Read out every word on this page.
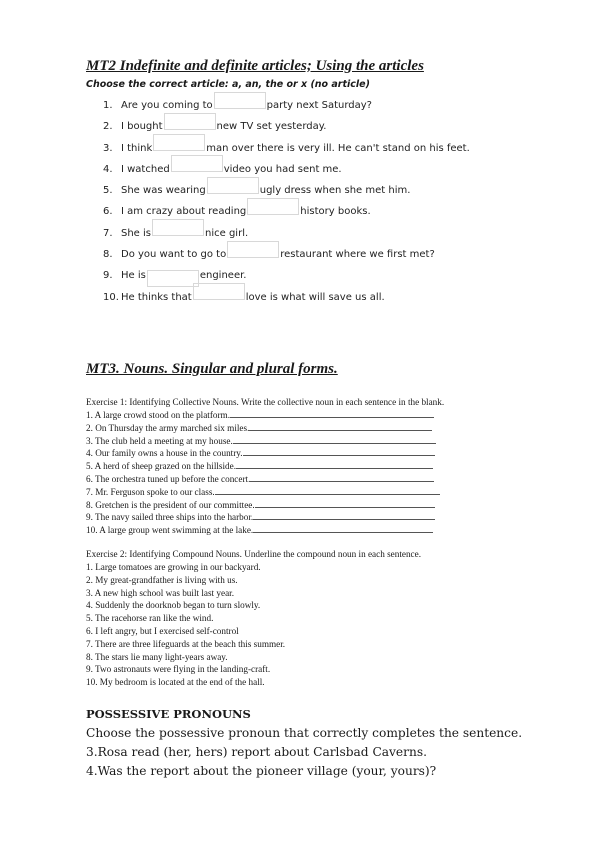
MT2 Indefinite and definite articles; Using the articles
Choose the correct article: a, an, the or x (no article)
1. Are you coming to	party next Saturday?
2. I bought	new TV set yesterday.
3. I think	man over there is very ill. He can't stand on his feet.
4. I watched	video you had sent me.
5. She was wearing	ugly dress when she met him.
6. I am crazy about reading	history books.
7. She is	nice girl.
8. Do you want to go to	restaurant where we first met?
9. He is	engineer.
10. He thinks that	love is what will save us all.
MT3. Nouns. Singular and plural forms.
Exercise 1: Identifying Collective Nouns. Write the collective noun in each sentence in the blank.
1. A large crowd stood on the platform.
2. On Thursday the army marched six miles.
3. The club held a meeting at my house.
4. Our family owns a house in the country.
5. A herd of sheep grazed on the hillside.
6. The orchestra tuned up before the concert.
7. Mr. Ferguson spoke to our class.
8. Gretchen is the president of our committee.
9. The navy sailed three ships into the harbor.
10. A large group went swimming at the lake.
Exercise 2: Identifying Compound Nouns. Underline the compound noun in each sentence.
1. Large tomatoes are growing in our backyard.
2. My great-grandfather is living with us.
3. A new high school was built last year.
4. Suddenly the doorknob began to turn slowly.
5. The racehorse ran like the wind.
6. I left angry, but I exercised self-control
7. There are three lifeguards at the beach this summer.
8. The stars lie many light-years away.
9. Two astronauts were flying in the landing-craft.
10. My bedroom is located at the end of the hall.
POSSESSIVE PRONOUNS
Choose the possessive pronoun that correctly completes the sentence.
3.Rosa read (her, hers) report about Carlsbad Caverns.
4.Was the report about the pioneer village (your, yours)?
